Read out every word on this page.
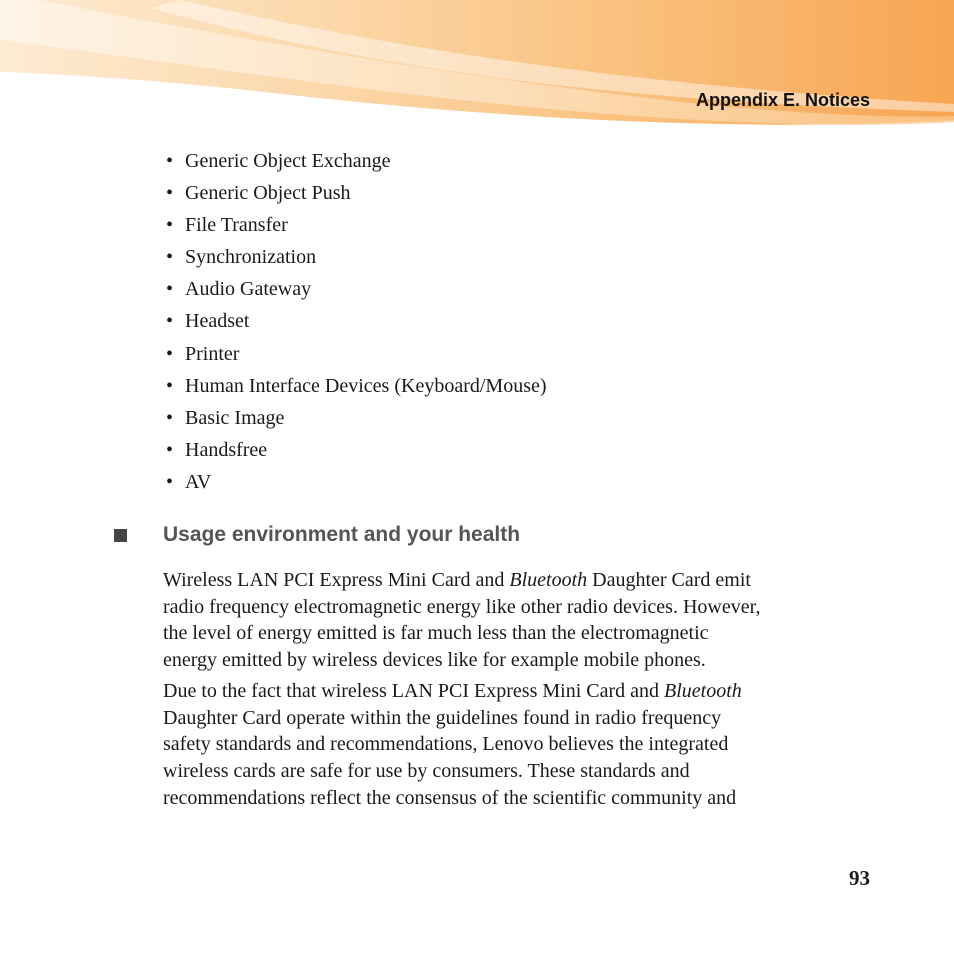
Appendix E. Notices
• Generic Object Exchange
• Generic Object Push
• File Transfer
• Synchronization
• Audio Gateway
• Headset
• Printer
• Human Interface Devices (Keyboard/Mouse)
• Basic Image
• Handsfree
• AV
Usage environment and your health

Wireless LAN PCI Express Mini Card and Bluetooth Daughter Card emit
radio frequency electromagnetic energy like other radio devices. However,
the level of energy emitted is far much less than the electromagnetic
energy emitted by wireless devices like for example mobile phones.

Due to the fact that wireless LAN PCI Express Mini Card and Bluetooth
Daughter Card operate within the guidelines found in radio frequency
safety standards and recommendations, Lenovo believes the integrated
wireless cards are safe for use by consumers. These standards and
recommendations reflect the consensus of the scientific community and

93
